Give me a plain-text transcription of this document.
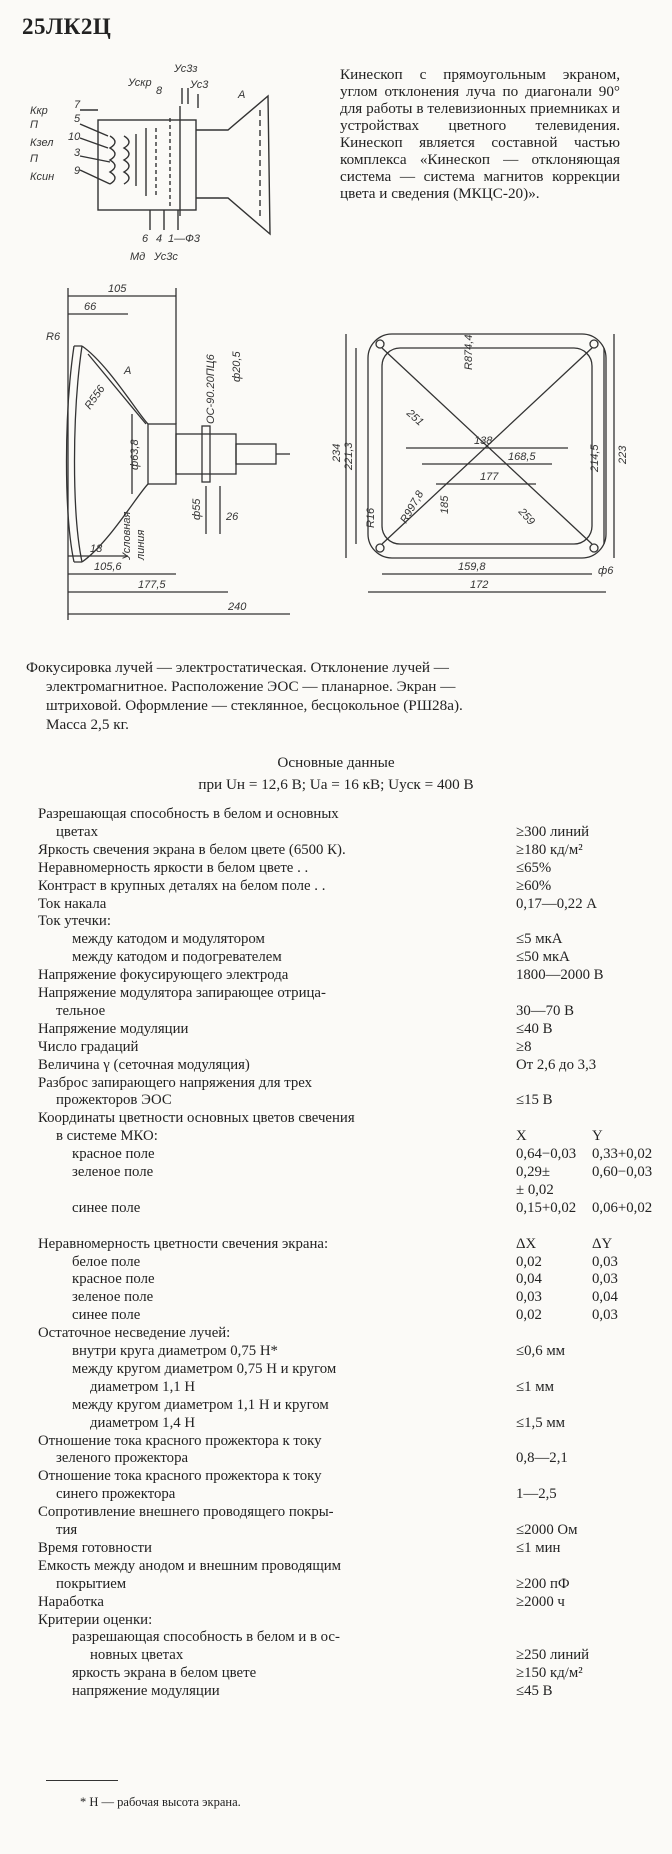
25ЛК2Ц
Ккр 7
П	5
Кзел 10
П	3
Ксин 9
Ускр
8
Ус3з
Ус3
А
6 4 1—Ф3
Мд Ус3с
Кинескоп с прямоугольным экраном, углом отклонения луча по диагонали 90° для работы в телевизионных приемниках и устройствах цветного телевидения. Кинескоп является составной частью комплекса «Кинескоп — отклоняющая система — система магнитов коррекции цвета и сведения (МКЦС-20)».
105
66
R6
А
R556
ф63,8
ОС-90.20ПЦ6 ф20,5
ф55 26
18 Условная линия
105,6
177,5
240
234 221,3	223
214,5
251
R874,4
138
168,5
177
185
259
R997,8
R16
159,8
172
ф6
Фокусировка лучей — электростатическая. Отклонение лучей —
электромагнитное. Расположение ЭОС — планарное. Экран —
штриховой. Оформление — стеклянное, бесцокольное (РШ28а).
Масса 2,5 кг.
Основные данные
при Uн = 12,6 В; Uа = 16 кВ; Uуск = 400 В
Разрешающая способность в белом и основных
цветах	≥300 линий
Яркость свечения экрана в белом цвете (6500 К).	≥180 кд/м²
Неравномерность яркости в белом цвете . .	≤65%
Контраст в крупных деталях на белом поле . .	≥60%
Ток накала	0,17—0,22 А
Ток утечки:
между катодом и модулятором	≤5 мкА
между катодом и подогревателем	≤50 мкА
Напряжение фокусирующего электрода	1800—2000 В
Напряжение модулятора запирающее отрица-
тельное	30—70 В
Напряжение модуляции	≤40 В
Число градаций	≥8
Величина γ (сеточная модуляция)	От 2,6 до 3,3
Разброс запирающего напряжения для трех
прожекторов ЭОС	≤15 В
Координаты цветности основных цветов свечения
в системе МКО:	X	Y
красное поле	0,64−0,03 0,33+0,02
зеленое поле	0,29±	0,60−0,03
± 0,02
синее поле	0,15+0,02 0,06+0,02
Неравномерность цветности свечения экрана:	ΔX	ΔY
белое поле	0,02	0,03
красное поле	0,04	0,03
зеленое поле	0,03	0,04
синее поле	0,02	0,03
Остаточное несведение лучей:
внутри круга диаметром 0,75 H*	≤0,6 мм
между кругом диаметром 0,75 H и кругом
диаметром 1,1 H	≤1 мм
между кругом диаметром 1,1 H и кругом
диаметром 1,4 H	≤1,5 мм
Отношение тока красного прожектора к току
зеленого прожектора	0,8—2,1
Отношение тока красного прожектора к току
синего прожектора	1—2,5
Сопротивление внешнего проводящего покры-
тия	≤2000 Ом
Время готовности	≤1 мин
Емкость между анодом и внешним проводящим
покрытием	≥200 пФ
Наработка	≥2000 ч
Критерии оценки:
разрешающая способность в белом и в ос-
новных цветах	≥250 линий
яркость экрана в белом цвете	≥150 кд/м²
напряжение модуляции	≤45 В
* H — рабочая высота экрана.
